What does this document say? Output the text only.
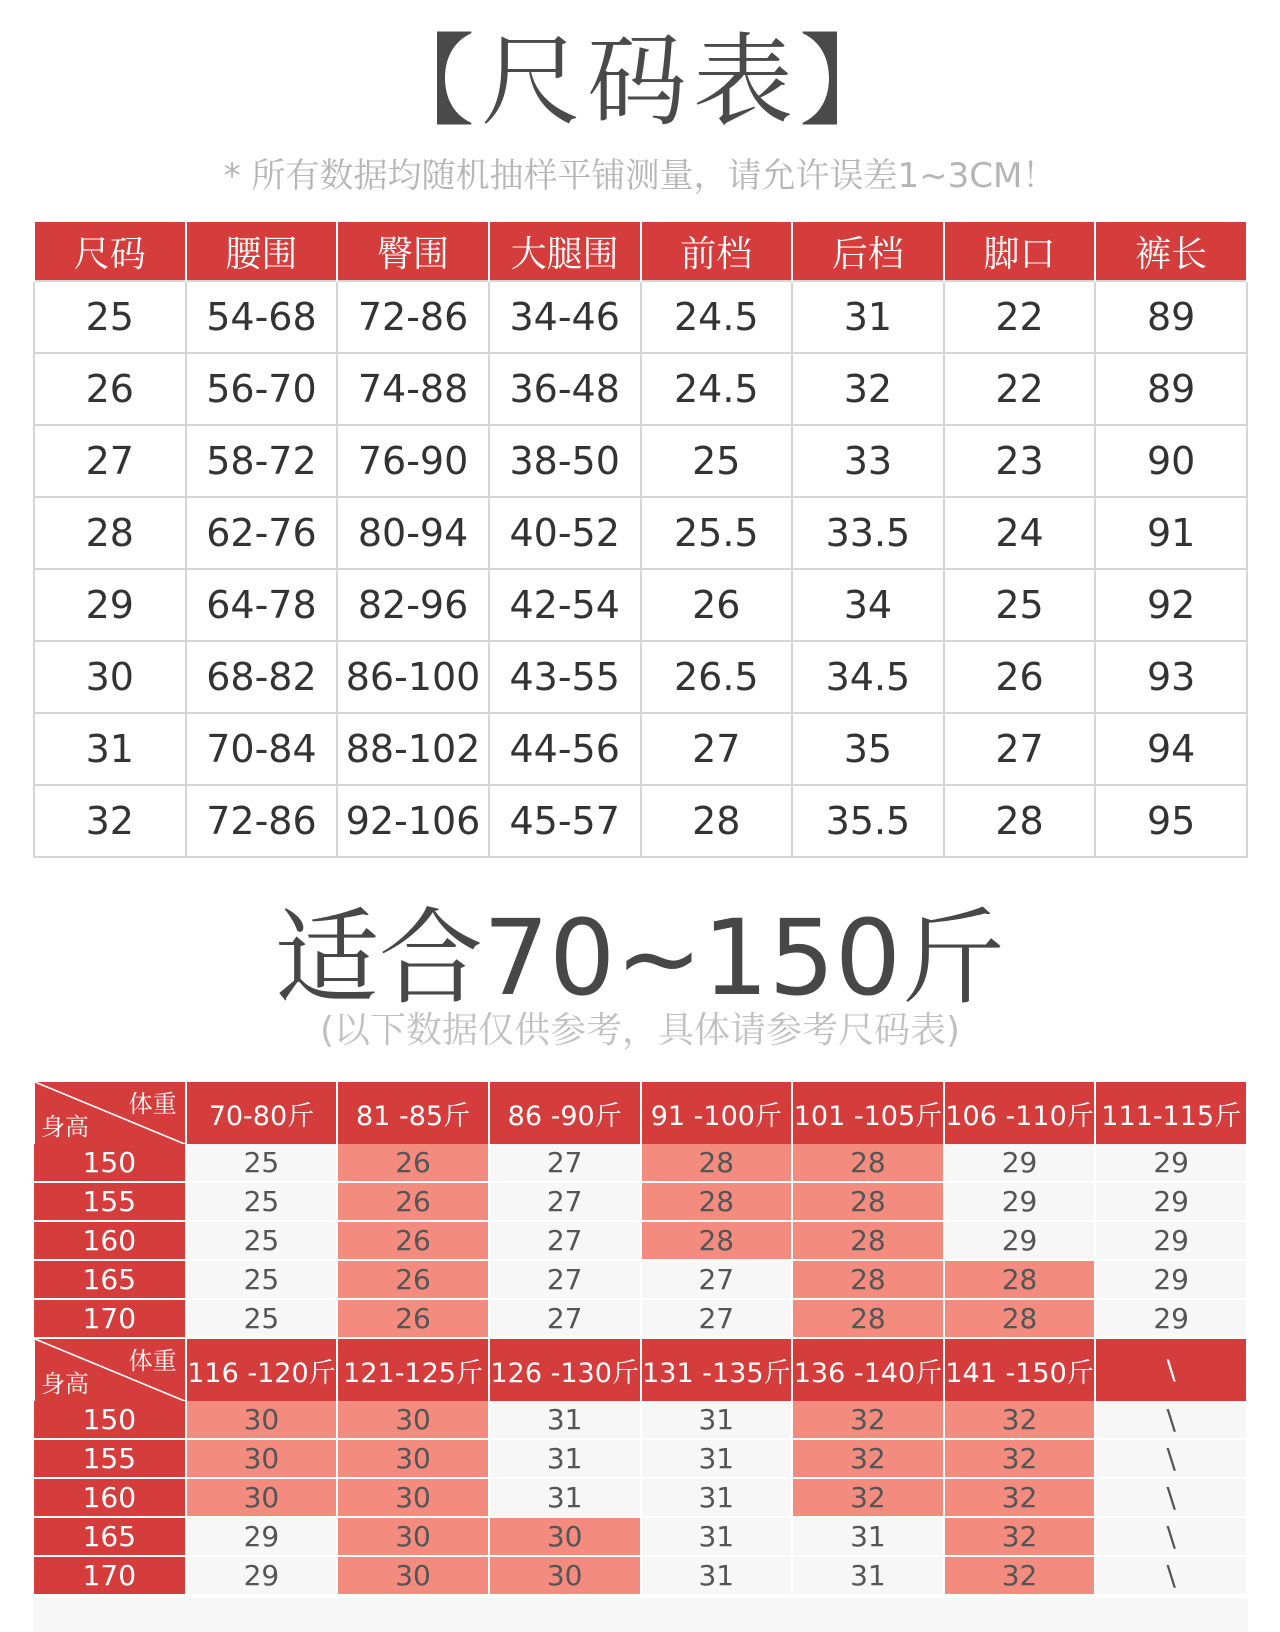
【尺码表】
* 所有数据均随机抽样平铺测量，请允许误差1~3CM！
尺码	腰围	臀围	大腿围	前档	后档	脚口	裤长
25	54-68	72-86	34-46	24.5	31	22	89
26	56-70	74-88	36-48	24.5	32	22	89
27	58-72	76-90	38-50	25	33	23	90
28	62-76	80-94	40-52	25.5	33.5	24	91
29	64-78	82-96	42-54	26	34	25	92
30	68-82	86-100	43-55	26.5	34.5	26	93
31	70-84	88-102	44-56	27	35	27	94
32	72-86	92-106	45-57	28	35.5	28	95
适合70~150斤
(以下数据仅供参考，具体请参考尺码表)
体重
身高	70-80斤	81 -85斤	86 -90斤	91 -100斤	101 -105斤	106 -110斤	111-115斤
150	25	26	27	28	28	29	29
155	25	26	27	28	28	29	29
160	25	26	27	28	28	29	29
165	25	26	27	27	28	28	29
170	25	26	27	27	28	28	29

体重
身高	116 -120斤	121-125斤	126 -130斤	131 -135斤	136 -140斤	141 -150斤	\
150	30	30	31	31	32	32	\
155	30	30	31	31	32	32	\
160	30	30	31	31	32	32	\
165	29	30	30	31	31	32	\
170	29	30	30	31	31	32	\
